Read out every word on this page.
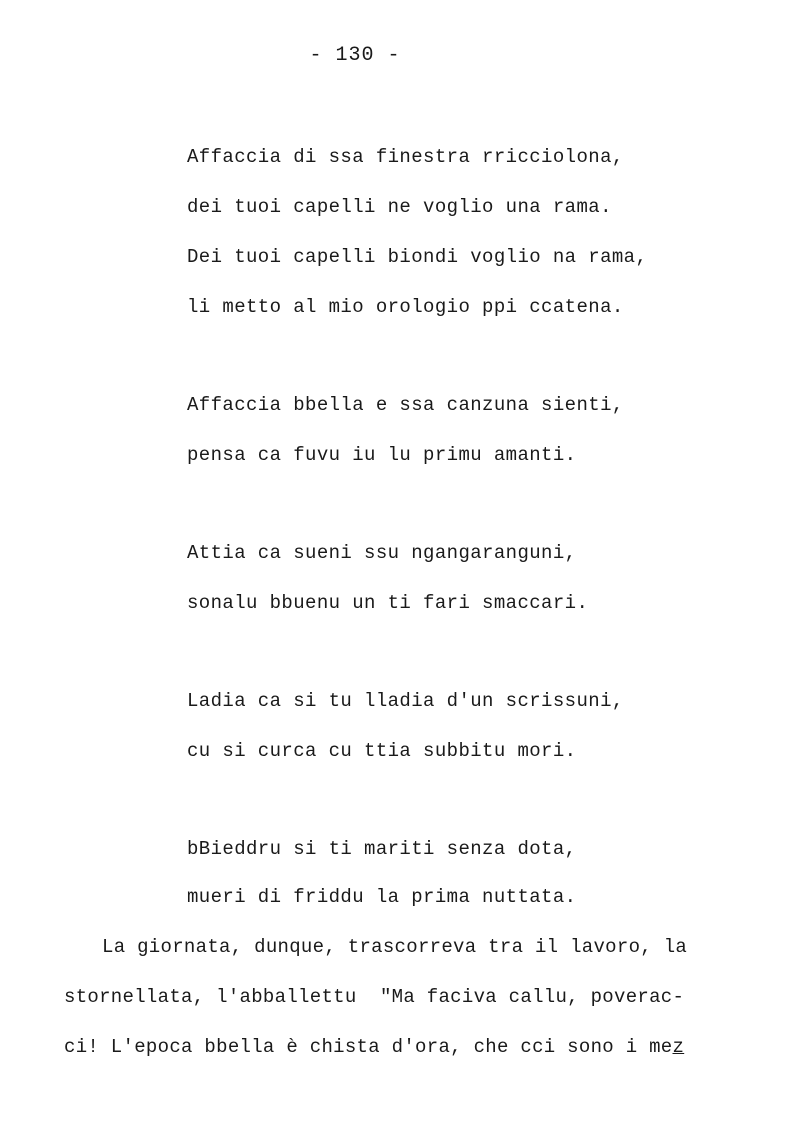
- 130 -
Affaccia di ssa finestra rricciolona,
dei tuoi capelli ne voglio una rama.
Dei tuoi capelli biondi voglio na rama,
li metto al mio orologio ppi ccatena.
Affaccia bbella e ssa canzuna sienti,
pensa ca fuvu iu lu primu amanti.
Attia ca sueni ssu ngangaranguni,
sonalu bbuenu un ti fari smaccari.
Ladia ca si tu lladia d'un scrissuni,
cu si curca cu ttia subbitu mori.
bBieddru si ti mariti senza dota,
mueri di friddu la prima nuttata.
La giornata, dunque, trascorreva tra il lavoro, la
stornellata, l'abballettu  "Ma faciva callu, poverac-
ci! L'epoca bbella è chista d'ora, che cci sono i mez
